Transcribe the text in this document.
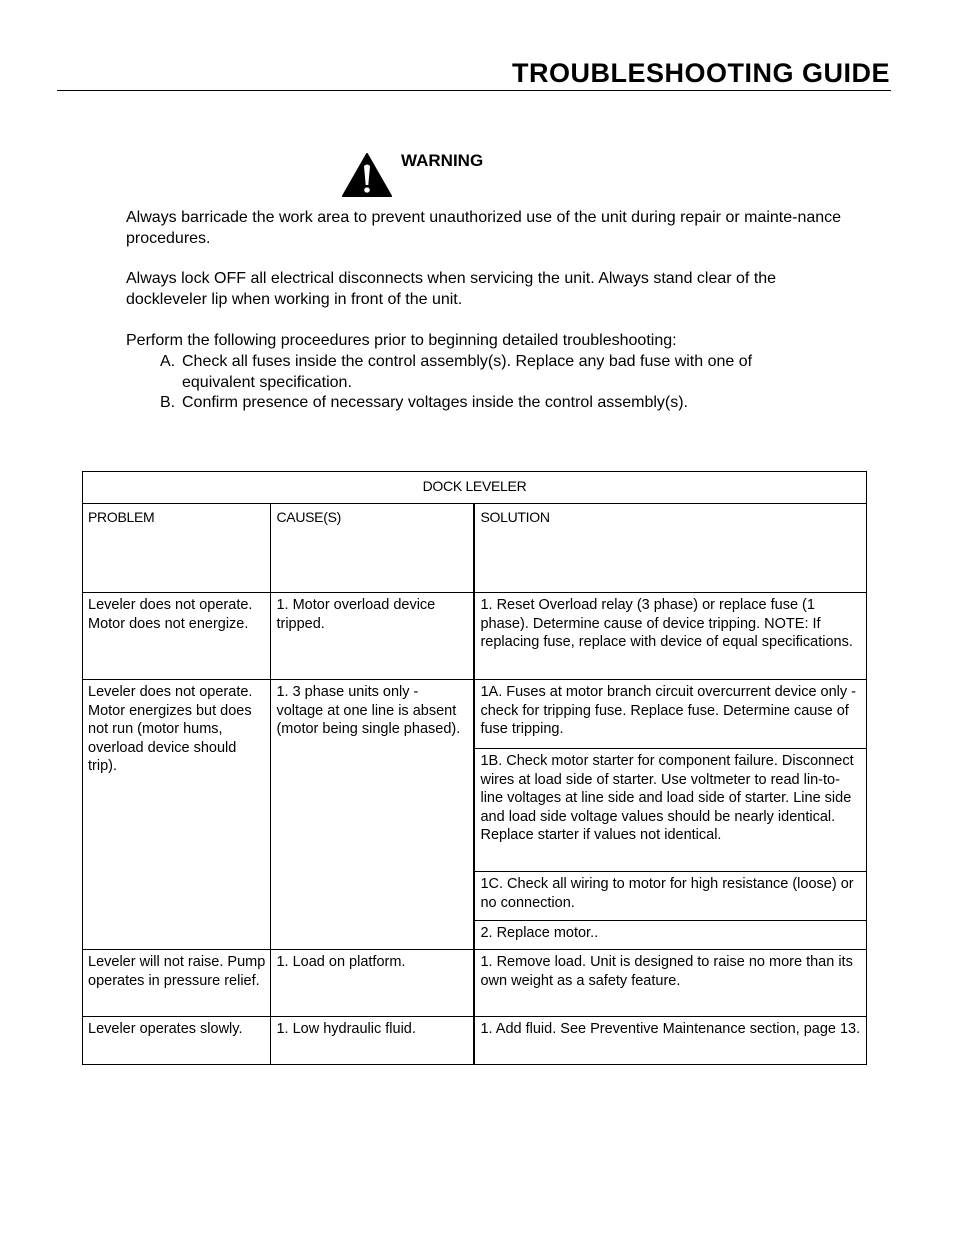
TROUBLESHOOTING GUIDE
WARNING

Always barricade the work area to prevent unauthorized use of the unit during repair or mainte-nance procedures.

Always lock OFF all electrical disconnects when servicing the unit. Always stand clear of the dockleveler lip when working in front of the unit.

Perform the following proceedures prior to beginning detailed troubleshooting:

A. Check all fuses inside the control assembly(s). Replace any bad fuse with one of equivalent specification.
B. Confirm presence of necessary voltages inside the control assembly(s).
DOCK LEVELER		
PROBLEM	CAUSE(S)	SOLUTION
Leveler does not operate. Motor does not energize.	1. Motor overload device tripped.	1. Reset Overload relay (3 phase) or replace fuse (1 phase). Determine cause of device tripping. NOTE: If replacing fuse, replace with device of equal specifications.
Leveler does not operate. Motor energizes but does not run (motor hums, overload device should trip).	1. 3 phase units only - voltage at one line is absent (motor being single phased).	1A. Fuses at motor branch circuit overcurrent device only - check for tripping fuse. Replace fuse. Determine cause of fuse tripping.
		1B. Check motor starter for component failure. Disconnect wires at load side of starter. Use voltmeter to read lin-to-line voltages at line side and load side of starter. Line side and load side voltage values should be nearly identical. Replace starter if values not identical.
		1C. Check all wiring to motor for high resistance (loose) or no connection.
		2. Replace motor..
Leveler will not raise. Pump operates in pressure relief.	1. Load on platform.	1. Remove load. Unit is designed to raise no more than its own weight as a safety feature.
Leveler operates slowly.	1. Low hydraulic fluid.	1. Add fluid. See Preventive Maintenance section, page 13.
